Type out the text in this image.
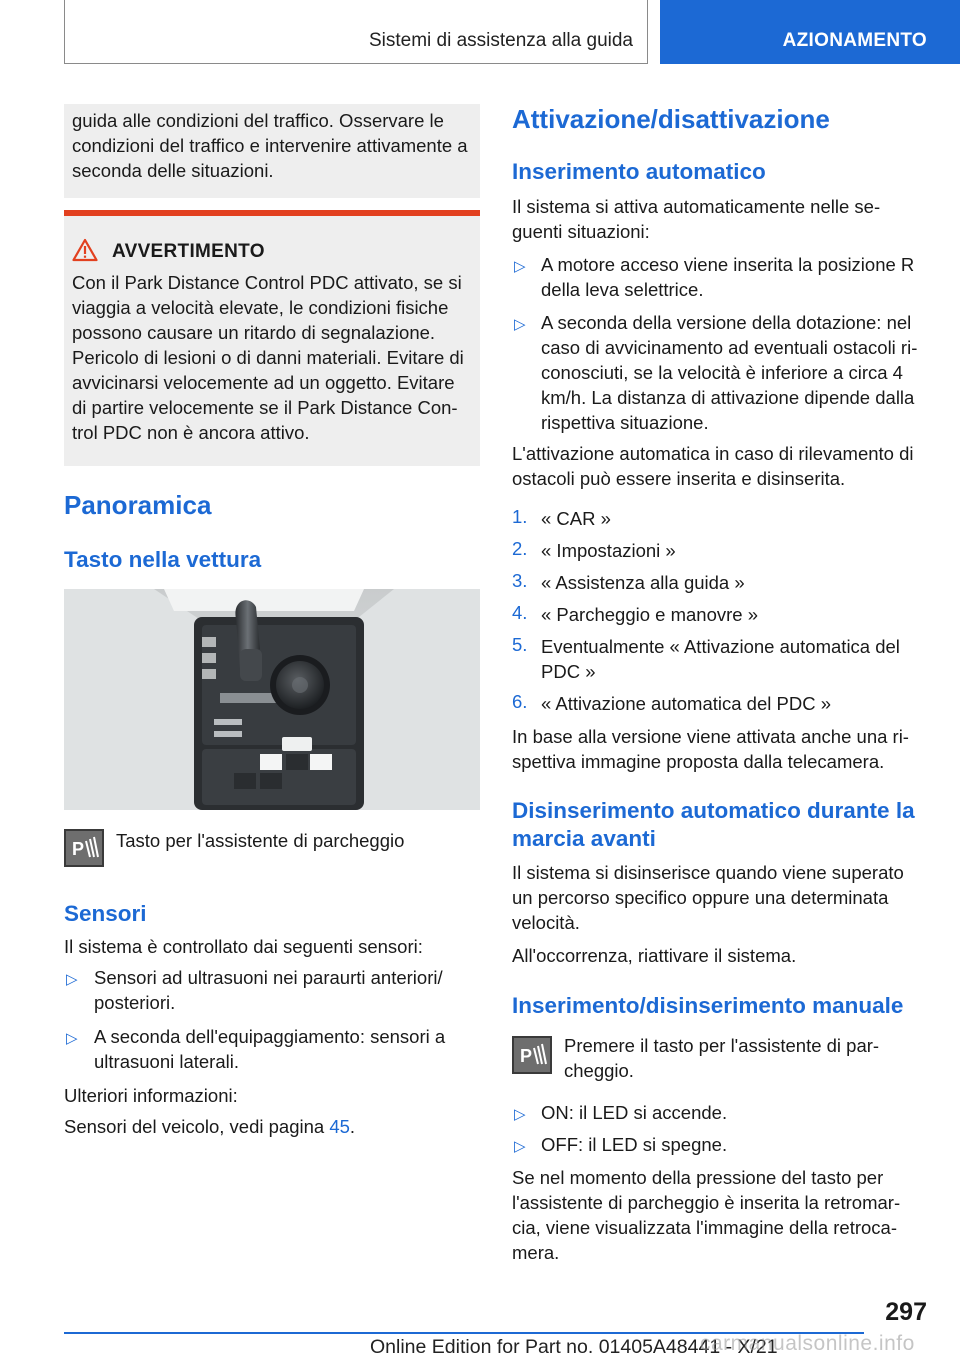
Sistemi di assistenza alla guida	AZIONAMENTO

guida alle condizioni del traffico. Osservare le condizioni del traffico e intervenire attivamente a seconda delle situazioni.

AVVERTIMENTO

Con il Park Distance Control PDC attivato, se si viaggia a velocità elevate, le condizioni fisiche possono causare un ritardo di segnalazione. Pericolo di lesioni o di danni materiali. Evitare di avvicinarsi velocemente ad un oggetto. Evitare di partire velocemente se il Park Distance Con‐trol PDC non è ancora attivo.

Panoramica
Tasto nella vettura
P Tasto per l'assistente di parcheggio

Sensori

Il sistema è controllato dai seguenti sensori:

▷ Sensori ad ultrasuoni nei paraurti anteriori/ posteriori.

▷ A seconda dell'equipaggiamento: sensori a ultrasuoni laterali.

Ulteriori informazioni:

Sensori del veicolo, vedi pagina 45.

Attivazione/disattivazione
Inserimento automatico

Il sistema si attiva automaticamente nelle se‐guenti situazioni:

▷ A motore acceso viene inserita la posizione R della leva selettrice.

▷ A seconda della versione della dotazione: nel caso di avvicinamento ad eventuali ostacoli ri‐conosciuti, se la velocità è inferiore a circa 4 km/h. La distanza di attivazione dipende dalla rispettiva situazione.

L'attivazione automatica in caso di rilevamento di ostacoli può essere inserita e disinserita.

1. « CAR »

2. « Impostazioni »

3. « Assistenza alla guida »

4. « Parcheggio e manovre »

5. Eventualmente « Attivazione automatica del PDC »

6. « Attivazione automatica del PDC »

In base alla versione viene attivata anche una ri‐spettiva immagine proposta dalla telecamera.

Disinserimento automatico durante la marcia avanti

Il sistema si disinserisce quando viene superato un percorso specifico oppure una determinata velocità.

All'occorrenza, riattivare il sistema.

Inserimento/disinserimento manuale
P Premere il tasto per l'assistente di par‐cheggio.

▷ ON: il LED si accende.

▷ OFF: il LED si spegne.

Se nel momento della pressione del tasto per l'assistente di parcheggio è inserita la retromar‐cia, viene visualizzata l'immagine della retroca‐mera.

297
Online Edition for Part no. 01405A48441 - X/21
carmanualsonline.info
